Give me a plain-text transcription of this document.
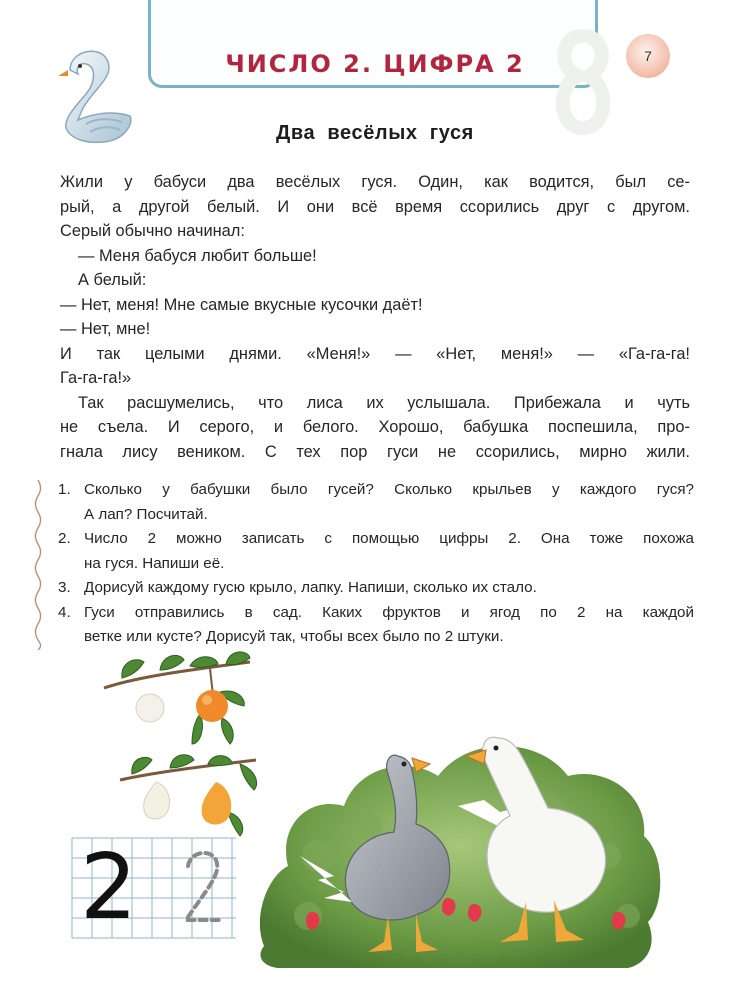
ЧИСЛО 2. ЦИФРА 2	7
Два весёлых гуся
Жили у бабуси два весёлых гуся. Один, как водится, был се-
рый, а другой белый. И они всё время ссорились друг с другом.
Серый обычно начинал:
— Меня бабуся любит больше!
А белый:
— Нет, меня! Мне самые вкусные кусочки даёт!
— Нет, мне!
И так целыми днями. «Меня!» — «Нет, меня!» — «Га-га-га!
Га-га-га!»
Так расшумелись, что лиса их услышала. Прибежала и чуть
не съела. И серого, и белого. Хорошо, бабушка поспешила, про-
гнала лису веником. С тех пор гуси не ссорились, мирно жили.
1. Сколько у бабушки было гусей? Сколько крыльев у каждого гуся?
А лап? Посчитай.
2. Число 2 можно записать с помощью цифры 2. Она тоже похожа
на гуся. Напиши её.
3. Дорисуй каждому гусю крыло, лапку. Напиши, сколько их стало.
4. Гуси отправились в сад. Каких фруктов и ягод по 2 на каждой
ветке или кусте? Дорисуй так, чтобы всех было по 2 штуки.
2
